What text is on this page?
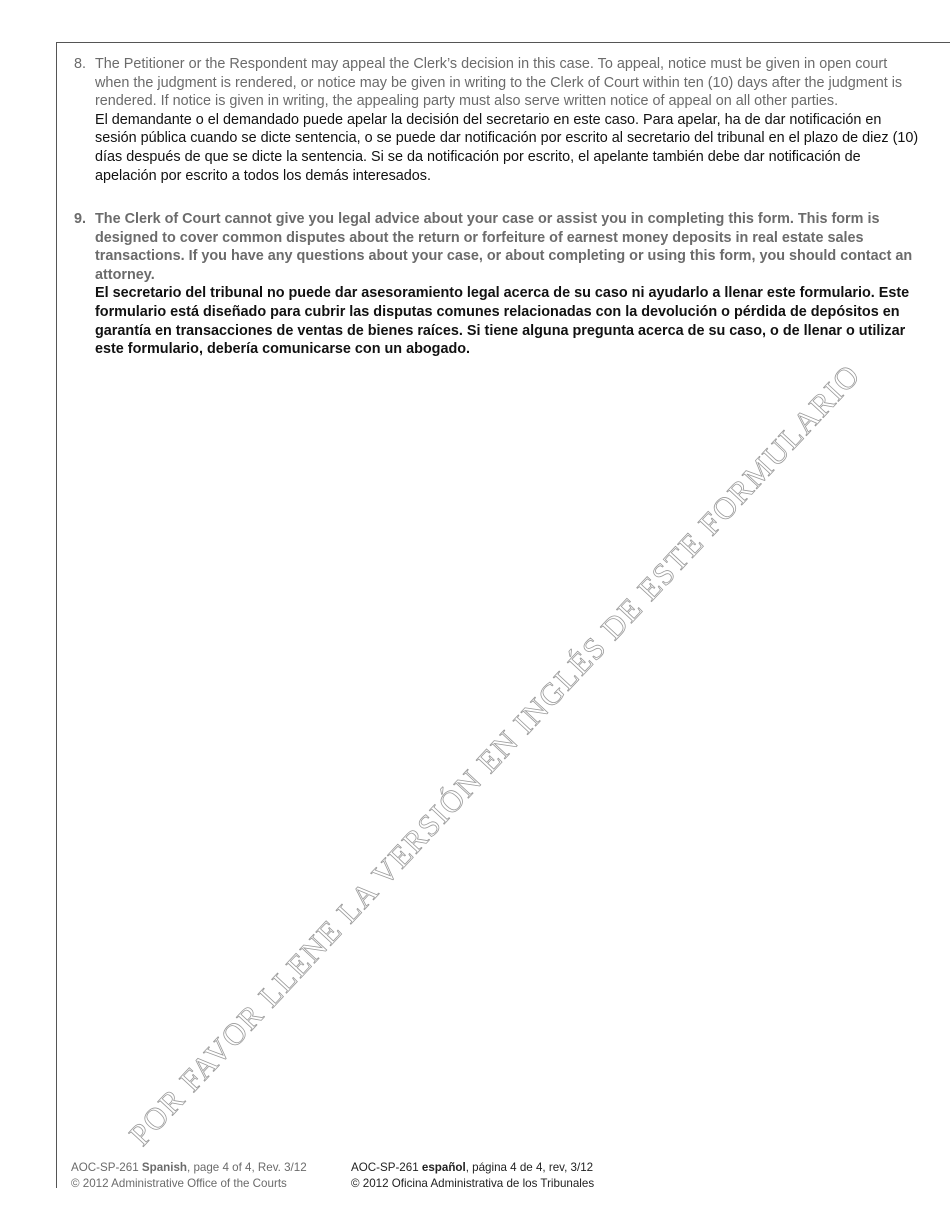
8. The Petitioner or the Respondent may appeal the Clerk’s decision in this case. To appeal, notice must be given in open court when the judgment is rendered, or notice may be given in writing to the Clerk of Court within ten (10) days after the judgment is rendered. If notice is given in writing, the appealing party must also serve written notice of appeal on all other parties.
El demandante o el demandado puede apelar la decisión del secretario en este caso. Para apelar, ha de dar notificación en sesión pública cuando se dicte sentencia, o se puede dar notificación por escrito al secretario del tribunal en el plazo de diez (10) días después de que se dicte la sentencia. Si se da notificación por escrito, el apelante también debe dar notificación de apelación por escrito a todos los demás interesados.
9. The Clerk of Court cannot give you legal advice about your case or assist you in completing this form. This form is designed to cover common disputes about the return or forfeiture of earnest money deposits in real estate sales transactions. If you have any questions about your case, or about completing or using this form, you should contact an attorney.
El secretario del tribunal no puede dar asesoramiento legal acerca de su caso ni ayudarlo a llenar este formulario. Este formulario está diseñado para cubrir las disputas comunes relacionadas con la devolución o pérdida de depósitos en garantía en transacciones de ventas de bienes raíces. Si tiene alguna pregunta acerca de su caso, o de llenar o utilizar este formulario, debería comunicarse con un abogado.
POR FAVOR LLENE LA VERSIÓN EN INGLÉS DE ESTE FORMULARIO
AOC-SP-261 Spanish, page 4 of 4, Rev. 3/12
© 2012 Administrative Office of the Courts
AOC-SP-261 español, página 4 de 4, rev, 3/12
© 2012 Oficina Administrativa de los Tribunales
